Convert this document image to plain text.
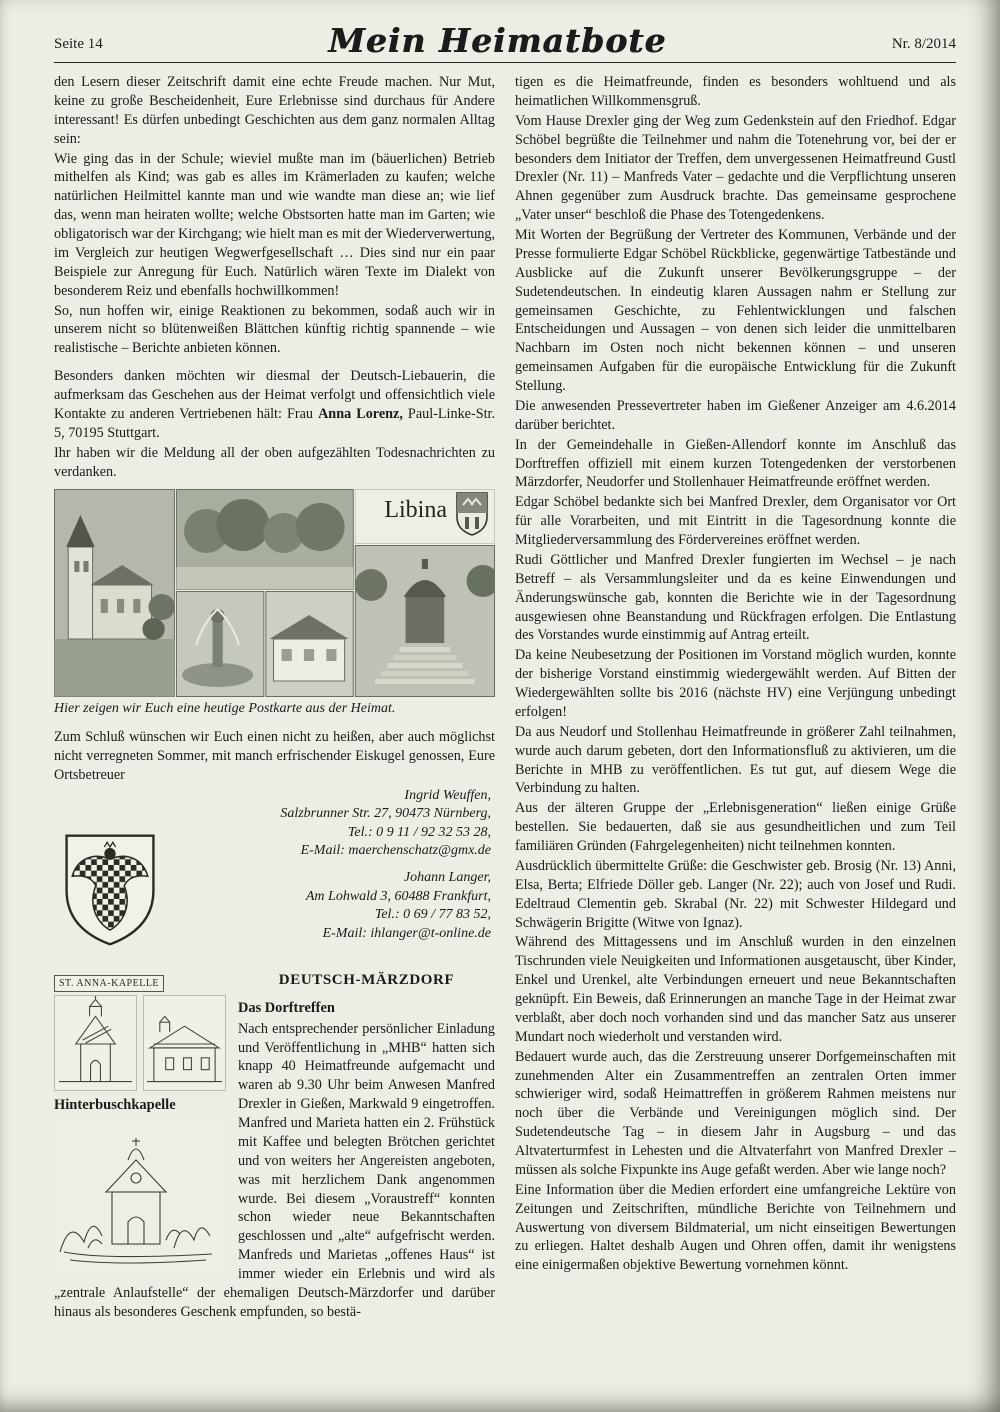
Seite 14	Mein Heimatbote	Nr. 8/2014

den Lesern dieser Zeitschrift damit eine echte Freude machen. Nur Mut, keine zu große Bescheidenheit, Eure Erlebnisse sind durchaus für Andere interessant! Es dürfen unbedingt Geschichten aus dem ganz normalen Alltag sein:

Wie ging das in der Schule; wieviel mußte man im (bäuerlichen) Betrieb mithelfen als Kind; was gab es alles im Krämerladen zu kaufen; welche natürlichen Heilmittel kannte man und wie wandte man diese an; wie lief das, wenn man heiraten wollte; welche Obstsorten hatte man im Garten; wie obligatorisch war der Kirchgang; wie hielt man es mit der Wiederverwertung, im Vergleich zur heutigen Wegwerfgesellschaft … Dies sind nur ein paar Beispiele zur Anregung für Euch. Natürlich wären Texte im Dialekt von besonderem Reiz und ebenfalls hochwillkommen!

So, nun hoffen wir, einige Reaktionen zu bekommen, sodaß auch wir in unserem nicht so blütenweißen Blättchen künftig richtig spannende – wie realistische – Berichte anbieten können.

Besonders danken möchten wir diesmal der Deutsch-Liebauerin, die aufmerksam das Geschehen aus der Heimat verfolgt und offensichtlich viele Kontakte zu anderen Vertriebenen hält: Frau Anna Lorenz, Paul-Linke-Str. 5, 70195 Stuttgart.

Ihr haben wir die Meldung all der oben aufgezählten Todesnachrichten zu verdanken.

Libina
Hier zeigen wir Euch eine heutige Postkarte aus der Heimat.

Zum Schluß wünschen wir Euch einen nicht zu heißen, aber auch möglichst nicht verregneten Sommer, mit manch erfrischender Eiskugel genossen, Eure Ortsbetreuer

Ingrid Weuffen,
Salzbrunner Str. 27, 90473 Nürnberg,
Tel.: 0 9 11 / 92 32 53 28,
E-Mail: maerchenschatz@gmx.de
Johann Langer,
Am Lohwald 3, 60488 Frankfurt,
Tel.: 0 69 / 77 83 52,
E-Mail: ihlanger@t-online.de
ST. ANNA-KAPELLE
Hinterbuschkapelle
DEUTSCH-MÄRZDORF
Das Dorftreffen

Nach entsprechender persönlicher Einladung und Veröffentlichung in „MHB“ hatten sich knapp 40 Heimatfreunde aufgemacht und waren ab 9.30 Uhr beim Anwesen Manfred Drexler in Gießen, Markwald 9 eingetroffen. Manfred und Marieta hatten ein 2. Frühstück mit Kaffee und belegten Brötchen gerichtet und von weiters her Angereisten angeboten, was mit herzlichem Dank angenommen wurde. Bei diesem „Voraustreff“ konnten schon wieder neue Bekanntschaften geschlossen und „alte“ aufgefrischt werden. Manfreds und Marietas „offenes Haus“ ist immer wieder ein Erlebnis und wird als „zentrale Anlaufstelle“ der ehemaligen Deutsch-Märzdorfer und darüber hinaus als besonderes Geschenk empfunden, so bestä-

tigen es die Heimatfreunde, finden es besonders wohltuend und als heimatlichen Willkommensgruß.

Vom Hause Drexler ging der Weg zum Gedenkstein auf den Friedhof. Edgar Schöbel begrüßte die Teilnehmer und nahm die Totenehrung vor, bei der er besonders dem Initiator der Treffen, dem unvergessenen Heimatfreund Gustl Drexler (Nr. 11) – Manfreds Vater – gedachte und die Verpflichtung unseren Ahnen gegenüber zum Ausdruck brachte. Das gemeinsame gesprochene „Vater unser“ beschloß die Phase des Totengedenkens.

Mit Worten der Begrüßung der Vertreter des Kommunen, Verbände und der Presse formulierte Edgar Schöbel Rückblicke, gegenwärtige Tatbestände und Ausblicke auf die Zukunft unserer Bevölkerungsgruppe – der Sudetendeutschen. In eindeutig klaren Aussagen nahm er Stellung zur gemeinsamen Geschichte, zu Fehlentwicklungen und falschen Entscheidungen und Aussagen – von denen sich leider die unmittelbaren Nachbarn im Osten noch nicht bekennen können – und unseren gemeinsamen Aufgaben für die europäische Entwicklung für die Zukunft Stellung.

Die anwesenden Pressevertreter haben im Gießener Anzeiger am 4.6.2014 darüber berichtet.

In der Gemeindehalle in Gießen-Allendorf konnte im Anschluß das Dorftreffen offiziell mit einem kurzen Totengedenken der verstorbenen Märzdorfer, Neudorfer und Stollenhauer Heimatfreunde eröffnet werden.

Edgar Schöbel bedankte sich bei Manfred Drexler, dem Organisator vor Ort für alle Vorarbeiten, und mit Eintritt in die Tagesordnung konnte die Mitgliederversammlung des Fördervereines eröffnet werden.

Rudi Göttlicher und Manfred Drexler fungierten im Wechsel – je nach Betreff – als Versammlungsleiter und da es keine Einwendungen und Änderungswünsche gab, konnten die Berichte wie in der Tagesordnung ausgewiesen ohne Beanstandung und Rückfragen erfolgen. Die Entlastung des Vorstandes wurde einstimmig auf Antrag erteilt.

Da keine Neubesetzung der Positionen im Vorstand möglich wurden, konnte der bisherige Vorstand einstimmig wiedergewählt werden. Auf Bitten der Wiedergewählten sollte bis 2016 (nächste HV) eine Verjüngung unbedingt erfolgen!

Da aus Neudorf und Stollenhau Heimatfreunde in größerer Zahl teilnahmen, wurde auch darum gebeten, dort den Informationsfluß zu aktivieren, um die Berichte in MHB zu veröffentlichen. Es tut gut, auf diesem Wege die Verbindung zu halten.

Aus der älteren Gruppe der „Erlebnisgeneration“ ließen einige Grüße bestellen. Sie bedauerten, daß sie aus gesundheitlichen und zum Teil familiären Gründen (Fahrgelegenheiten) nicht teilnehmen konnten.

Ausdrücklich übermittelte Grüße: die Geschwister geb. Brosig (Nr. 13) Anni, Elsa, Berta; Elfriede Döller geb. Langer (Nr. 22); auch von Josef und Rudi. Edeltraud Clementin geb. Skrabal (Nr. 22) mit Schwester Hildegard und Schwägerin Brigitte (Witwe von Ignaz).

Während des Mittagessens und im Anschluß wurden in den einzelnen Tischrunden viele Neuigkeiten und Informationen ausgetauscht, über Kinder, Enkel und Urenkel, alte Verbindungen erneuert und neue Bekanntschaften geknüpft. Ein Beweis, daß Erinnerungen an manche Tage in der Heimat zwar verblaßt, aber doch noch vorhanden sind und das mancher Satz aus unserer Mundart noch wiederholt und verstanden wird.

Bedauert wurde auch, das die Zerstreuung unserer Dorfgemeinschaften mit zunehmenden Alter ein Zusammentreffen an zentralen Orten immer schwieriger wird, sodaß Heimattreffen in größerem Rahmen meistens nur noch über die Verbände und Vereinigungen möglich sind. Der Sudetendeutsche Tag – in diesem Jahr in Augsburg – und das Altvaterturmfest in Lehesten und die Altvaterfahrt von Manfred Drexler – müssen als solche Fixpunkte ins Auge gefaßt werden. Aber wie lange noch?

Eine Information über die Medien erfordert eine umfangreiche Lektüre von Zeitungen und Zeitschriften, mündliche Berichte von Teilnehmern und Auswertung von diversem Bildmaterial, um nicht einseitigen Bewertungen zu erliegen. Haltet deshalb Augen und Ohren offen, damit ihr wenigstens eine einigermaßen objektive Bewertung vornehmen könnt.
